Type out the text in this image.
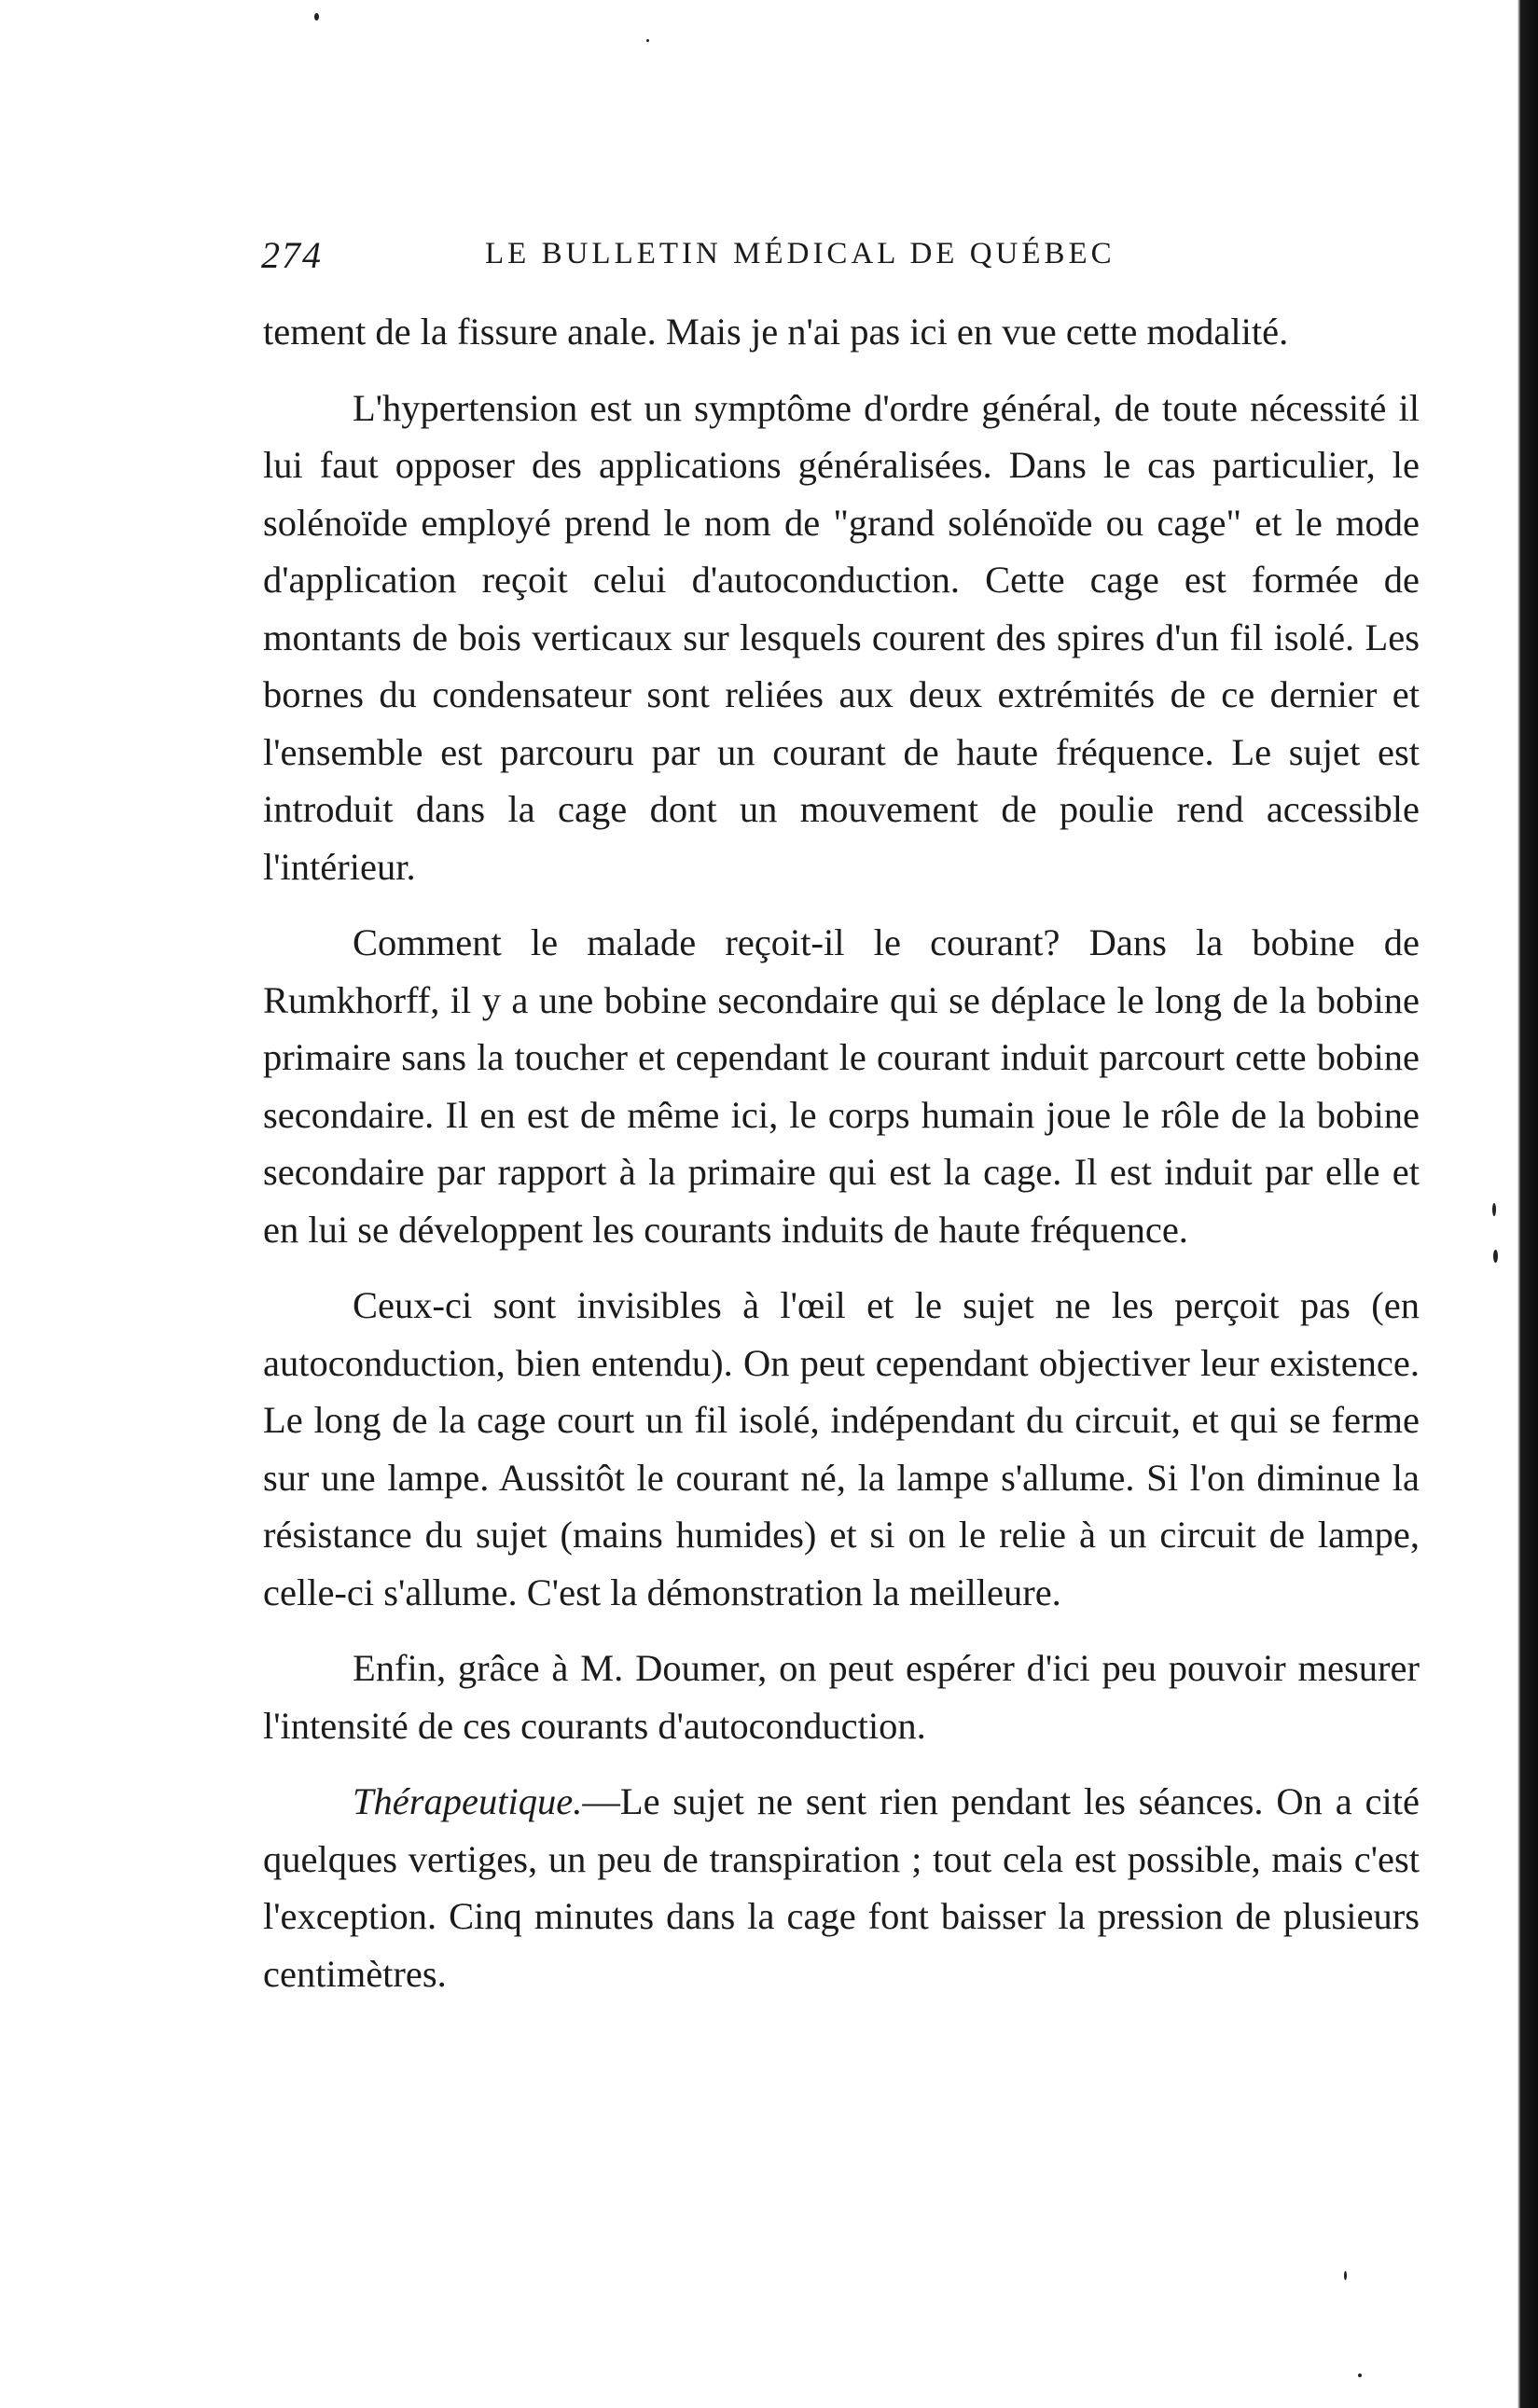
274	LE BULLETIN MÉDICAL DE QUÉBEC

tement de la fissure anale. Mais je n'ai pas ici en vue cette modalité.

L'hypertension est un symptôme d'ordre général, de toute nécessité il lui faut opposer des applications généralisées. Dans le cas particulier, le solénoïde employé prend le nom de "grand solénoïde ou cage" et le mode d'application reçoit celui d'autoconduction. Cette cage est formée de montants de bois verticaux sur lesquels courent des spires d'un fil isolé. Les bornes du condensateur sont reliées aux deux extrémités de ce dernier et l'ensemble est parcouru par un courant de haute fréquence. Le sujet est introduit dans la cage dont un mouvement de poulie rend accessible l'intérieur.

Comment le malade reçoit-il le courant? Dans la bobine de Rumkhorff, il y a une bobine secondaire qui se déplace le long de la bobine primaire sans la toucher et cependant le courant induit parcourt cette bobine secondaire. Il en est de même ici, le corps humain joue le rôle de la bobine secondaire par rapport à la primaire qui est la cage. Il est induit par elle et en lui se développent les courants induits de haute fréquence.

Ceux-ci sont invisibles à l'œil et le sujet ne les perçoit pas (en autoconduction, bien entendu). On peut cependant objectiver leur existence. Le long de la cage court un fil isolé, indépendant du circuit, et qui se ferme sur une lampe. Aussitôt le courant né, la lampe s'allume. Si l'on diminue la résistance du sujet (mains humides) et si on le relie à un circuit de lampe, celle-ci s'allume. C'est la démonstration la meilleure.

Enfin, grâce à M. Doumer, on peut espérer d'ici peu pouvoir mesurer l'intensité de ces courants d'autoconduction.

Thérapeutique.—Le sujet ne sent rien pendant les séances. On a cité quelques vertiges, un peu de transpiration ; tout cela est possible, mais c'est l'exception. Cinq minutes dans la cage font baisser la pression de plusieurs centimètres.
